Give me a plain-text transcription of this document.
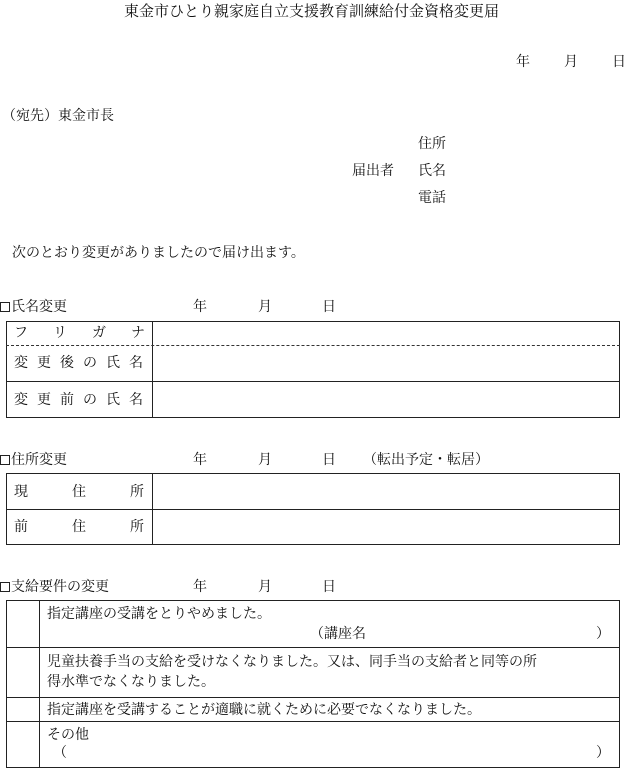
東金市ひとり親家庭自立支援教育訓練給付金資格変更届
年 月 日
（宛先）東金市長
住所
届出者 氏名
電話
次のとおり変更がありましたので届け出ます。
氏名変更	年	月	日
フ リ ガ ナ
変 更 後 の 氏 名
変 更 前 の 氏 名
住所変更	年	月	日 （転出予定・転居）
現	住	所
前	住	所
支給要件の変更	年	月	日
指定講座の受講をとりやめました。
（講座名	）
児童扶養手当の支給を受けなくなりました。又は、同手当の支給者と同等の所
得水準でなくなりました。
指定講座を受講することが適職に就くために必要でなくなりました。
その他
（	）
